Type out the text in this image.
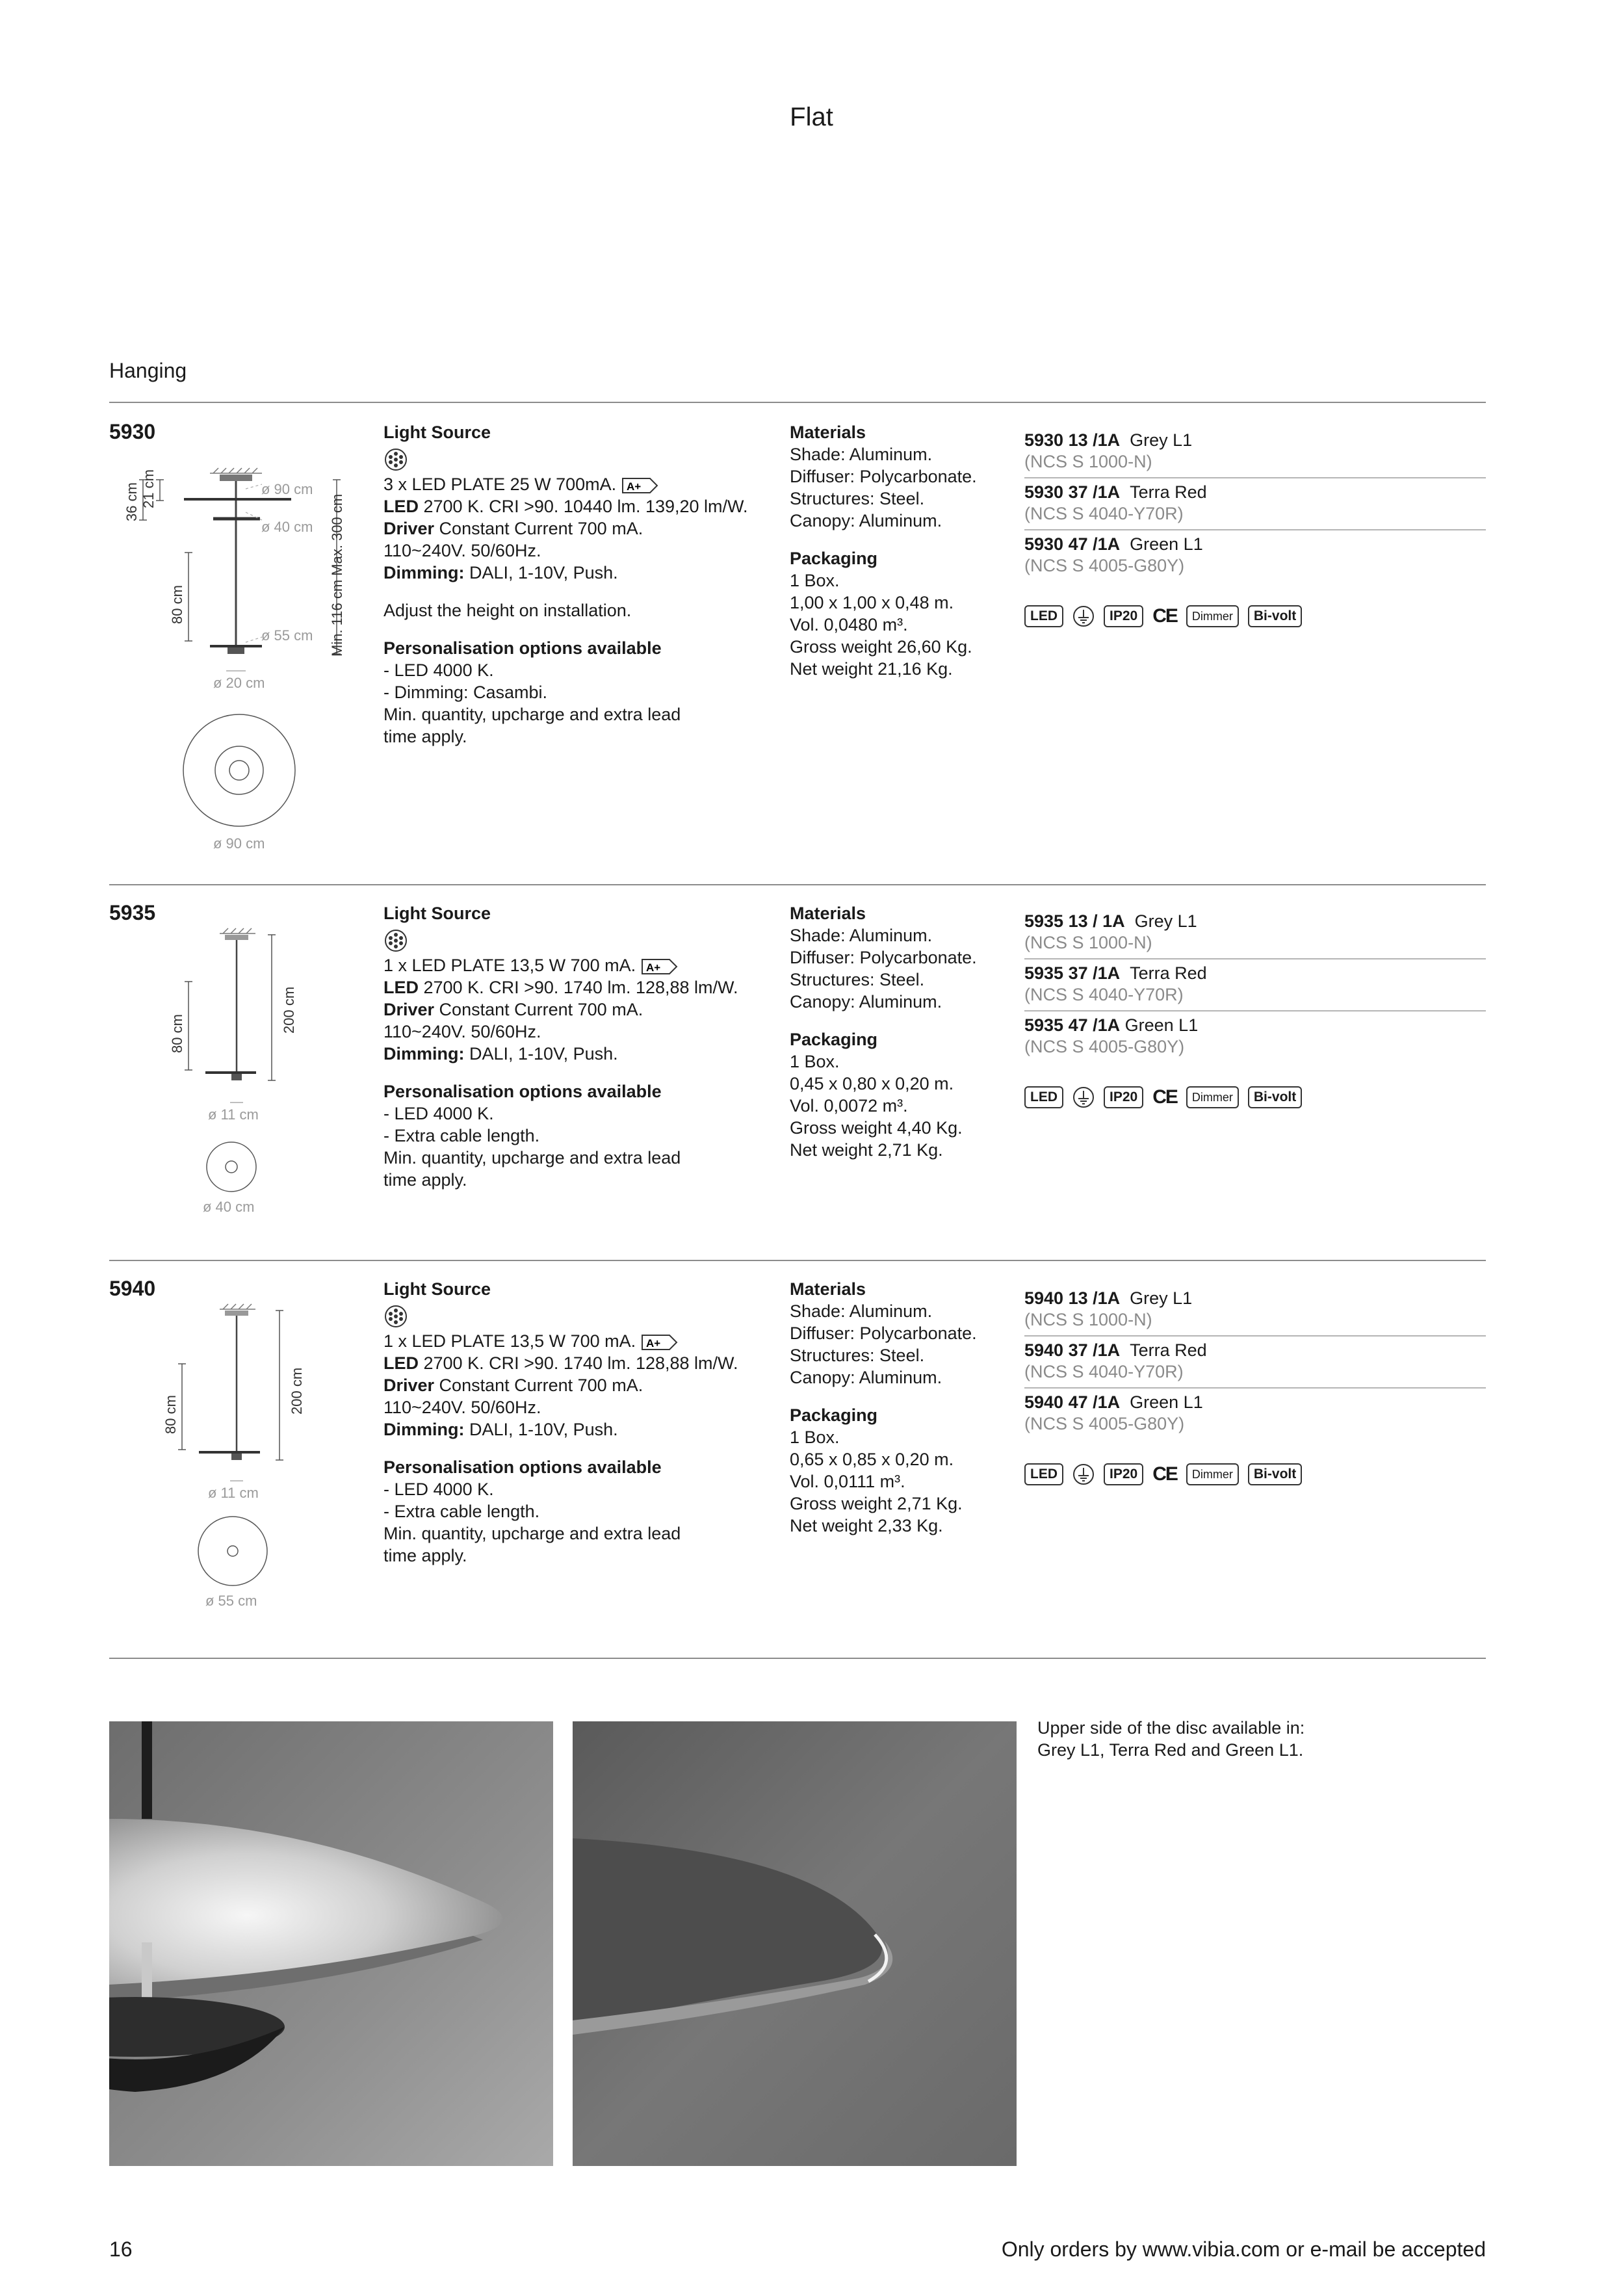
Flat
Hanging
5930
36 cm 21 cm	ø 90 cm
ø 40 cm
80 cm
ø 55 cm Min. 116 cm Max. 300 cm
ø 20 cm
ø 90 cm

Light Source

3 x LED PLATE 25 W 700mA. A+

LED 2700 K. CRI >90. 10440 lm. 139,20 lm/W.

Driver Constant Current 700 mA.

110~240V. 50/60Hz.

Dimming: DALI, 1-10V, Push.

Adjust the height on installation.

Personalisation options available

- LED 4000 K.

- Dimming: Casambi.

Min. quantity, upcharge and extra lead

time apply.

Materials

Shade: Aluminum.

Diffuser: Polycarbonate.

Structures: Steel.

Canopy: Aluminum.

Packaging

1 Box.

1,00 x 1,00 x 0,48 m.

Vol. 0,0480 m³.

Gross weight 26,60 Kg.

Net weight 21,16 Kg.

5930 13 /1A Grey L1
(NCS S 1000-N)
5930 37 /1A Terra Red
(NCS S 4040-Y70R)
5930 47 /1A Green L1
(NCS S 4005-G80Y)
LED	IP20 CE	Dimmer	Bi-volt
5935
80 cm
200 cm
ø 11 cm
ø 40 cm

Light Source

1 x LED PLATE 13,5 W 700 mA. A+

LED 2700 K. CRI >90. 1740 lm. 128,88 lm/W.

Driver Constant Current 700 mA.

110~240V. 50/60Hz.

Dimming: DALI, 1-10V, Push.

Personalisation options available

- LED 4000 K.

- Extra cable length.

Min. quantity, upcharge and extra lead

time apply.

Materials

Shade: Aluminum.

Diffuser: Polycarbonate.

Structures: Steel.

Canopy: Aluminum.

Packaging

1 Box.

0,45 x 0,80 x 0,20 m.

Vol. 0,0072 m³.

Gross weight 4,40 Kg.

Net weight 2,71 Kg.

5935 13 / 1A Grey L1
(NCS S 1000-N)
5935 37 /1A Terra Red
(NCS S 4040-Y70R)
5935 47 /1A Green L1
(NCS S 4005-G80Y)
LED	IP20 CE	Dimmer	Bi-volt
5940
80 cm
200 cm
ø 11 cm
ø 55 cm

Light Source

1 x LED PLATE 13,5 W 700 mA. A+

LED 2700 K. CRI >90. 1740 lm. 128,88 lm/W.

Driver Constant Current 700 mA.

110~240V. 50/60Hz.

Dimming: DALI, 1-10V, Push.

Personalisation options available

- LED 4000 K.

- Extra cable length.

Min. quantity, upcharge and extra lead

time apply.

Materials

Shade: Aluminum.

Diffuser: Polycarbonate.

Structures: Steel.

Canopy: Aluminum.

Packaging

1 Box.

0,65 x 0,85 x 0,20 m.

Vol. 0,0111 m³.

Gross weight 2,71 Kg.

Net weight 2,33 Kg.

5940 13 /1A Grey L1
(NCS S 1000-N)
5940 37 /1A Terra Red
(NCS S 4040-Y70R)
5940 47 /1A Green L1
(NCS S 4005-G80Y)
LED	IP20 CE	Dimmer	Bi-volt
Upper side of the disc available in:
Grey L1, Terra Red and Green L1.
16	Only orders by www.vibia.com or e-mail be accepted
